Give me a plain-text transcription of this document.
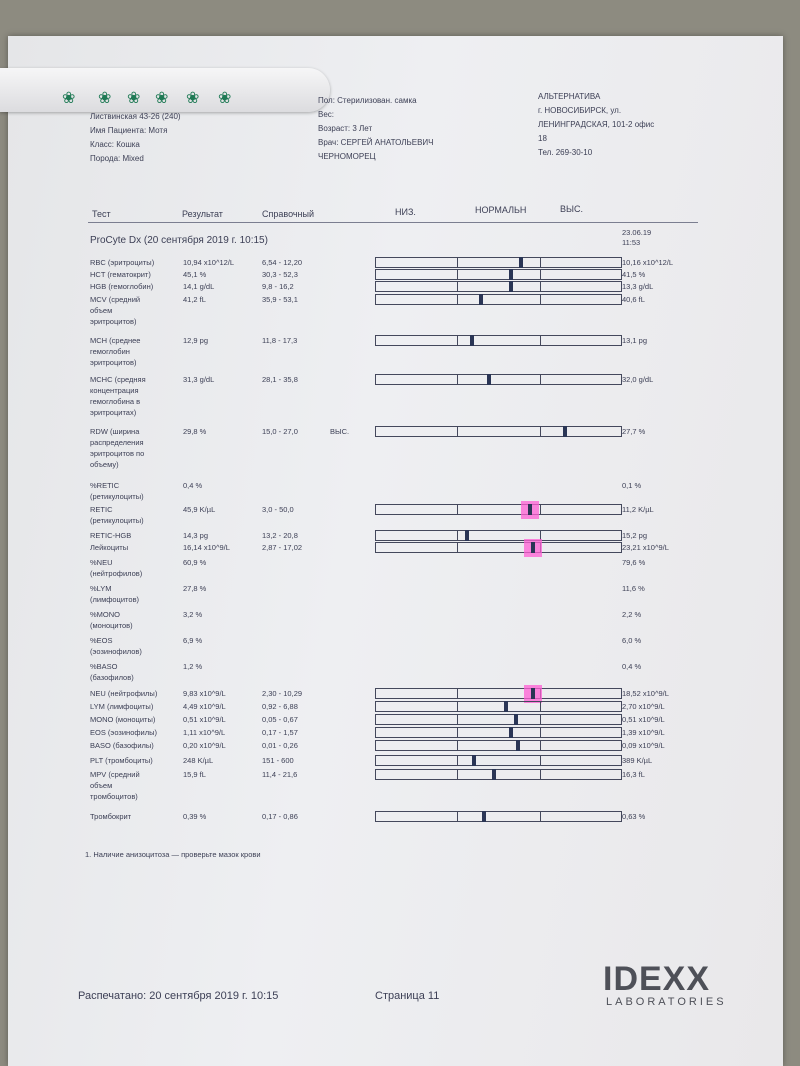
❀ ❀ ❀ ❀ ❀ ❀
Листвинская 43-26 (240)
Имя Пациента: Мотя
Класс: Кошка
Порода: Mixed
Пол: Стерилизован. самка
Вес:
Возраст: 3 Лет
Врач: СЕРГЕЙ АНАТОЛЬЕВИЧ
ЧЕРНОМОРЕЦ
АЛЬТЕРНАТИВА
г. НОВОСИБИРСК, ул.
ЛЕНИНГРАДСКАЯ, 101-2 офис
18
Тел. 269-30-10
Тест	Результат	Справочный	НИЗ.	НОРМАЛЬН	ВЫС.
ProCyte Dx (20 сентября 2019 г. 10:15)
23.06.19
11:53
RBC (эритроциты)	10,94 x10^12/L	6,54 - 12,20	10,16 x10^12/L
HCT (гематокрит)	45,1 %	30,3 - 52,3	41,5 %
HGB (гемоглобин)	14,1 g/dL	9,8 - 16,2	13,3 g/dL
MCV (средний
объем
эритроцитов)
41,2 fL	35,9 - 53,1	40,6 fL
MCH (среднее
гемоглобин
эритроцитов)
12,9 pg	11,8 - 17,3	13,1 pg
MCHC (средняя
концентрация
гемоглобина в
эритроцитах)
31,3 g/dL	28,1 - 35,8	32,0 g/dL
RDW (ширина
распределения
эритроцитов по
объему)
29,8 %	15,0 - 27,0	ВЫС.	27,7 %
%RETIC
(ретикулоциты)
0,4 %	0,1 %
RETIC
(ретикулоциты)
45,9 K/µL	3,0 - 50,0	11,2 K/µL
RETIC-HGB	14,3 pg	13,2 - 20,8	15,2 pg
Лейкоциты	16,14 x10^9/L	2,87 - 17,02	23,21 x10^9/L
%NEU
(нейтрофилов)
60,9 %	79,6 %
%LYM
(лимфоцитов)
27,8 %	11,6 %
%MONO
(моноцитов)
3,2 %	2,2 %
%EOS
(эозинофилов)
6,9 %	6,0 %
%BASO
(базофилов)
1,2 %	0,4 %
NEU (нейтрофилы)	9,83 x10^9/L	2,30 - 10,29	18,52 x10^9/L
LYM (лимфоциты)	4,49 x10^9/L	0,92 - 6,88	2,70 x10^9/L
MONO (моноциты)	0,51 x10^9/L	0,05 - 0,67	0,51 x10^9/L
EOS (эозинофилы)	1,11 x10^9/L	0,17 - 1,57	1,39 x10^9/L
BASO (базофилы)	0,20 x10^9/L	0,01 - 0,26	0,09 x10^9/L
PLT (тромбоциты)	248 K/µL	151 - 600	389 K/µL
MPV (средний
объем
тромбоцитов)
15,9 fL	11,4 - 21,6	16,3 fL
Тромбокрит	0,39 %	0,17 - 0,86	0,63 %
1. Наличие анизоцитоза — проверьте мазок крови
Распечатано: 20 сентября 2019 г. 10:15	Страница 11	IDEXX
LABORATORIES
